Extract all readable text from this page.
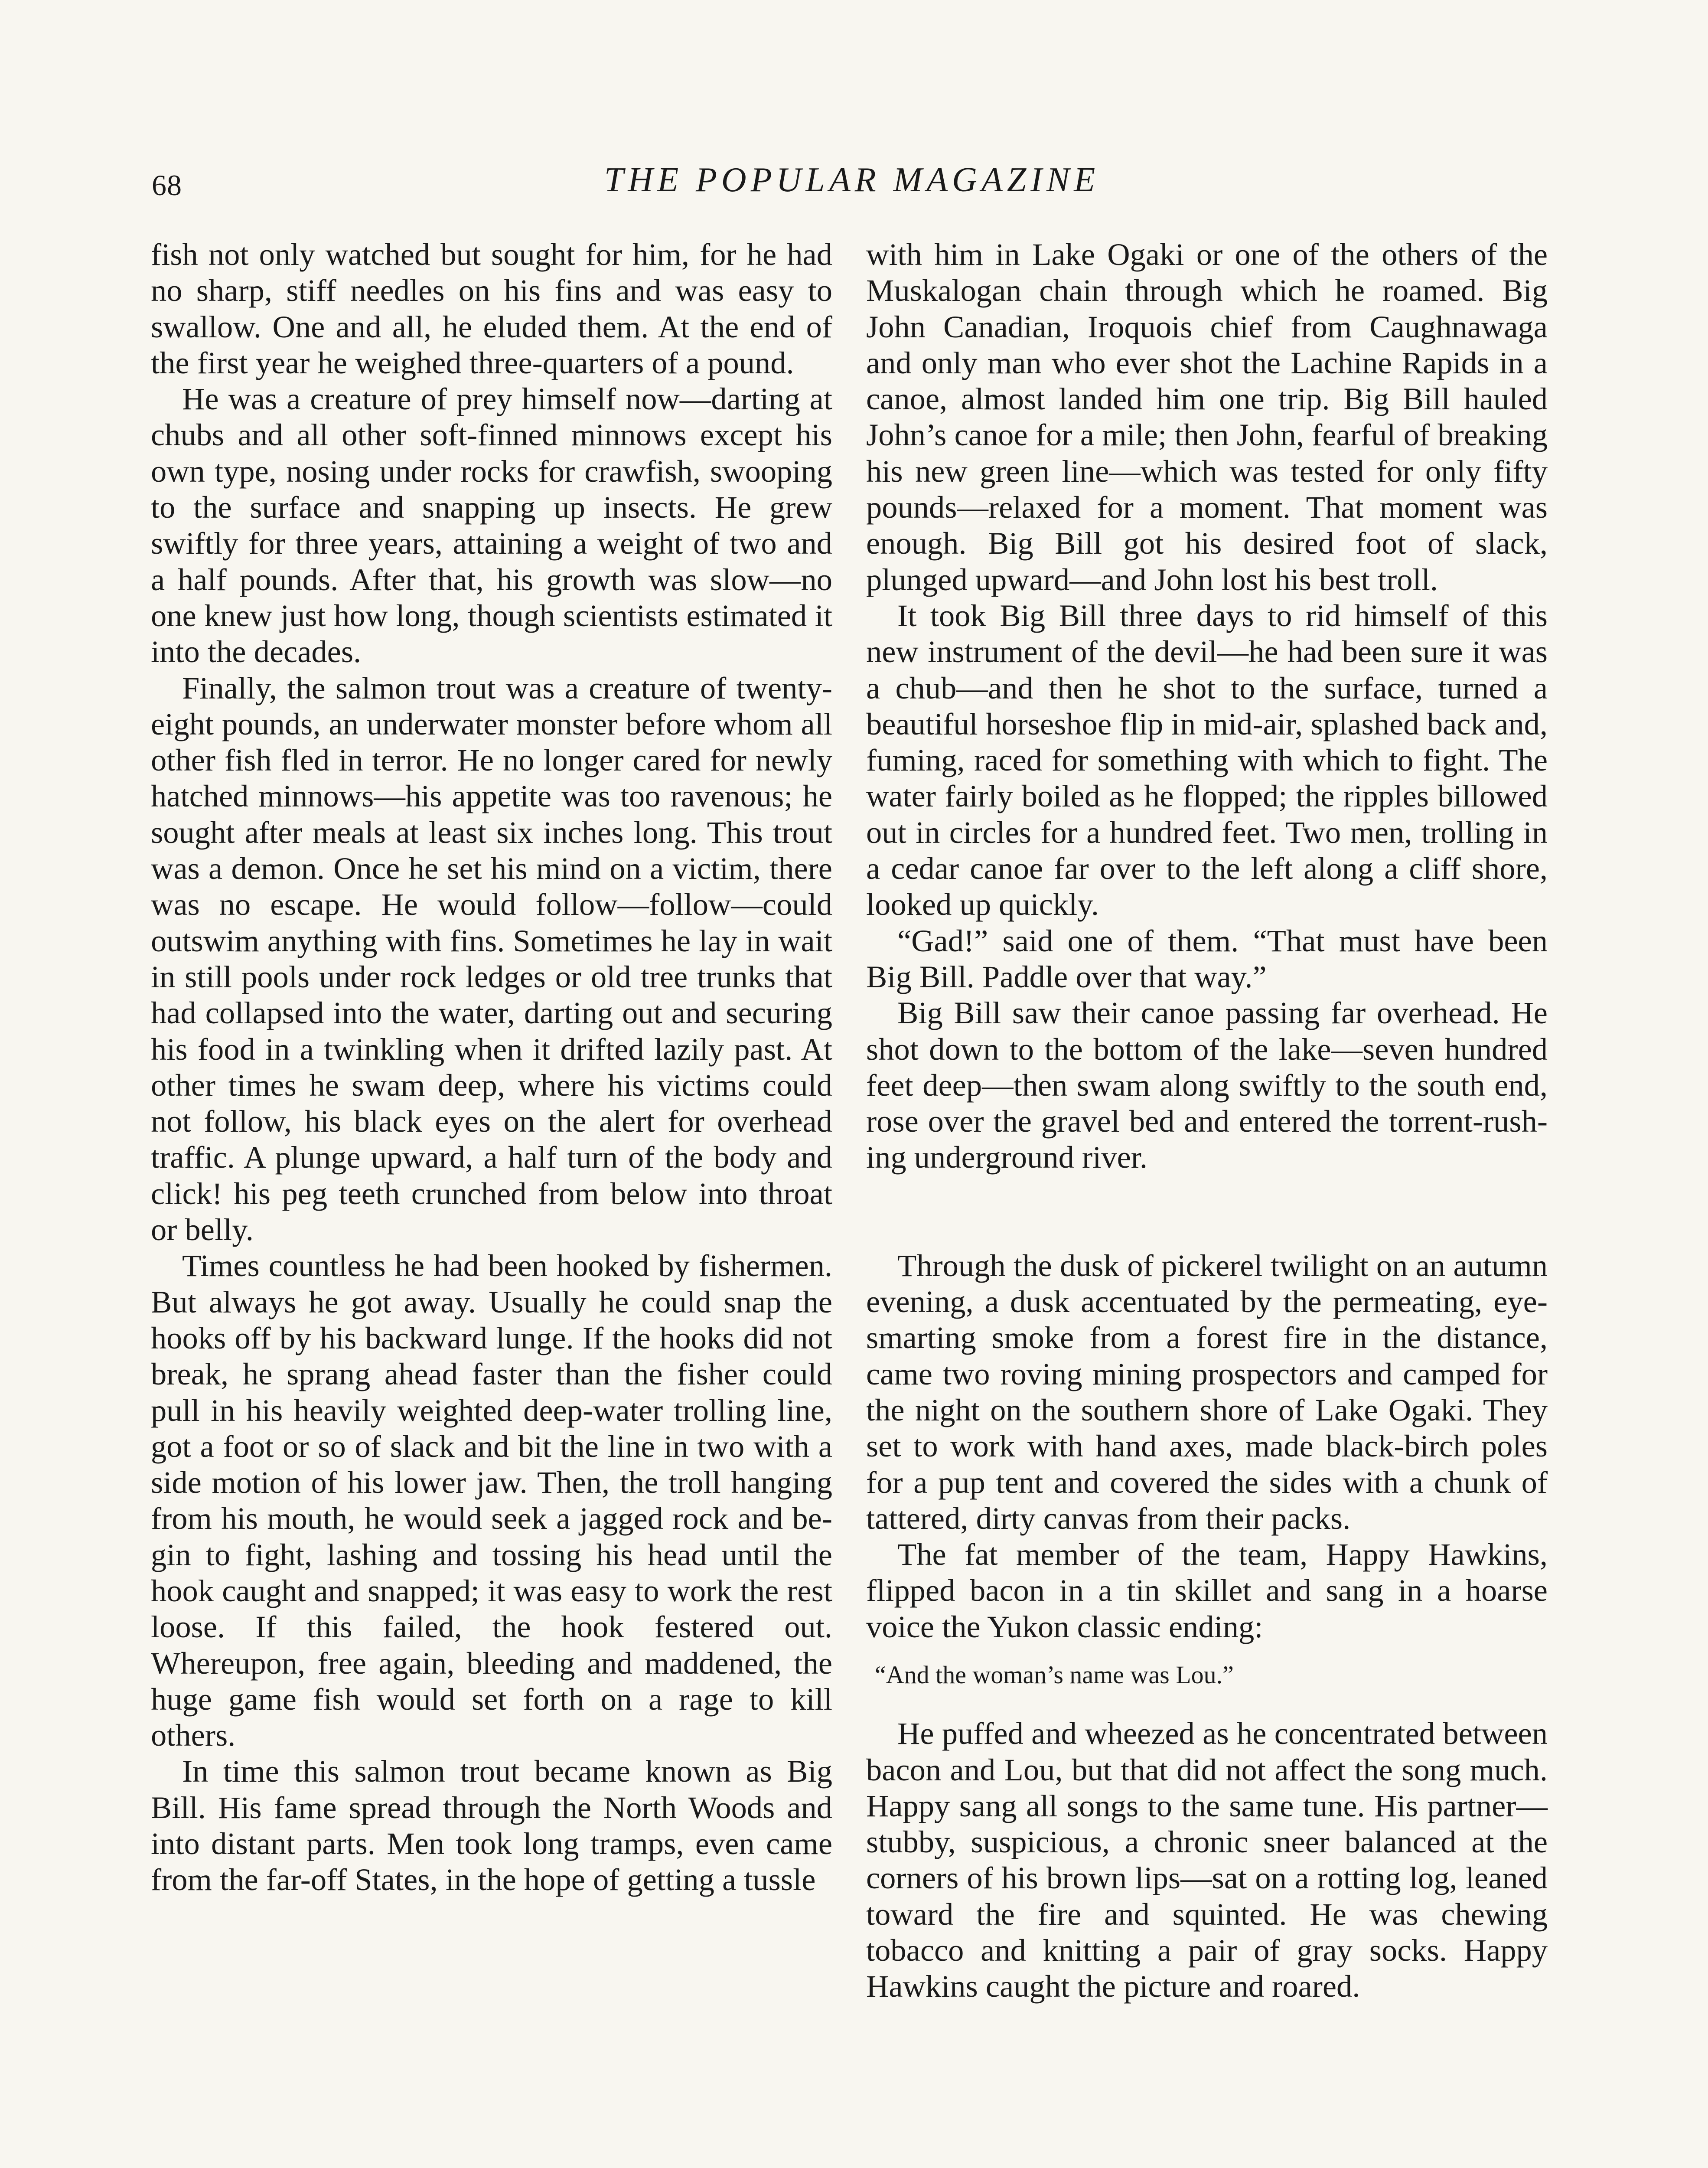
68	THE POPULAR MAGAZINE

fish not only watched but sought for him, for he had no sharp, stiff needles on his fins and was easy to swallow. One and all, he eluded them. At the end of the first year he weighed three-quarters of a pound.

He was a creature of prey himself now—darting at chubs and all other soft-finned minnows except his own type, nosing under rocks for crawfish, swooping to the surface and snapping up insects. He grew swiftly for three years, attaining a weight of two and a half pounds. After that, his growth was slow—no one knew just how long, though scientists estimated it into the decades.

Finally, the salmon trout was a creature of twenty-eight pounds, an underwater monster before whom all other fish fled in terror. He no longer cared for newly hatched minnows—his appetite was too ravenous; he sought after meals at least six inches long. This trout was a demon. Once he set his mind on a victim, there was no escape. He would follow—follow—could outswim anything with fins. Sometimes he lay in wait in still pools under rock ledges or old tree trunks that had collapsed into the water, darting out and securing his food in a twinkling when it drifted lazily past. At other times he swam deep, where his victims could not follow, his black eyes on the alert for overhead traffic. A plunge upward, a half turn of the body and click! his peg teeth crunched from below into throat or belly.

Times countless he had been hooked by fishermen. But always he got away. Usually he could snap the hooks off by his backward lunge. If the hooks did not break, he sprang ahead faster than the fisher could pull in his heavily weighted deep-water trolling line, got a foot or so of slack and bit the line in two with a side motion of his lower jaw. Then, the troll hanging from his mouth, he would seek a jagged rock and begin to fight, lashing and tossing his head until the hook caught and snapped; it was easy to work the rest loose. If this failed, the hook festered out. Whereupon, free again, bleeding and maddened, the huge game fish would set forth on a rage to kill others.

In time this salmon trout became known as Big Bill. His fame spread through the North Woods and into distant parts. Men took long tramps, even came from the far-off States, in the hope of getting a tussle

with him in Lake Ogaki or one of the others of the Muskalogan chain through which he roamed. Big John Canadian, Iroquois chief from Caughnawaga and only man who ever shot the Lachine Rapids in a canoe, almost landed him one trip. Big Bill hauled John’s canoe for a mile; then John, fearful of breaking his new green line—which was tested for only fifty pounds—relaxed for a moment. That moment was enough. Big Bill got his desired foot of slack, plunged upward—and John lost his best troll.

It took Big Bill three days to rid himself of this new instrument of the devil—he had been sure it was a chub—and then he shot to the surface, turned a beautiful horseshoe flip in mid-air, splashed back and, fuming, raced for something with which to fight. The water fairly boiled as he flopped; the ripples billowed out in circles for a hundred feet. Two men, trolling in a cedar canoe far over to the left along a cliff shore, looked up quickly.

“Gad!” said one of them. “That must have been Big Bill. Paddle over that way.”

Big Bill saw their canoe passing far overhead. He shot down to the bottom of the lake—seven hundred feet deep—then swam along swiftly to the south end, rose over the gravel bed and entered the torrent-rushing underground river.

Through the dusk of pickerel twilight on an autumn evening, a dusk accentuated by the permeating, eye-smarting smoke from a forest fire in the distance, came two roving mining prospectors and camped for the night on the southern shore of Lake Ogaki. They set to work with hand axes, made black-birch poles for a pup tent and covered the sides with a chunk of tattered, dirty canvas from their packs.

The fat member of the team, Happy Hawkins, flipped bacon in a tin skillet and sang in a hoarse voice the Yukon classic ending:

“And the woman’s name was Lou.”

He puffed and wheezed as he concentrated between bacon and Lou, but that did not affect the song much. Happy sang all songs to the same tune. His partner—stubby, suspicious, a chronic sneer balanced at the corners of his brown lips—sat on a rotting log, leaned toward the fire and squinted. He was chewing tobacco and knitting a pair of gray socks. Happy Hawkins caught the picture and roared.
